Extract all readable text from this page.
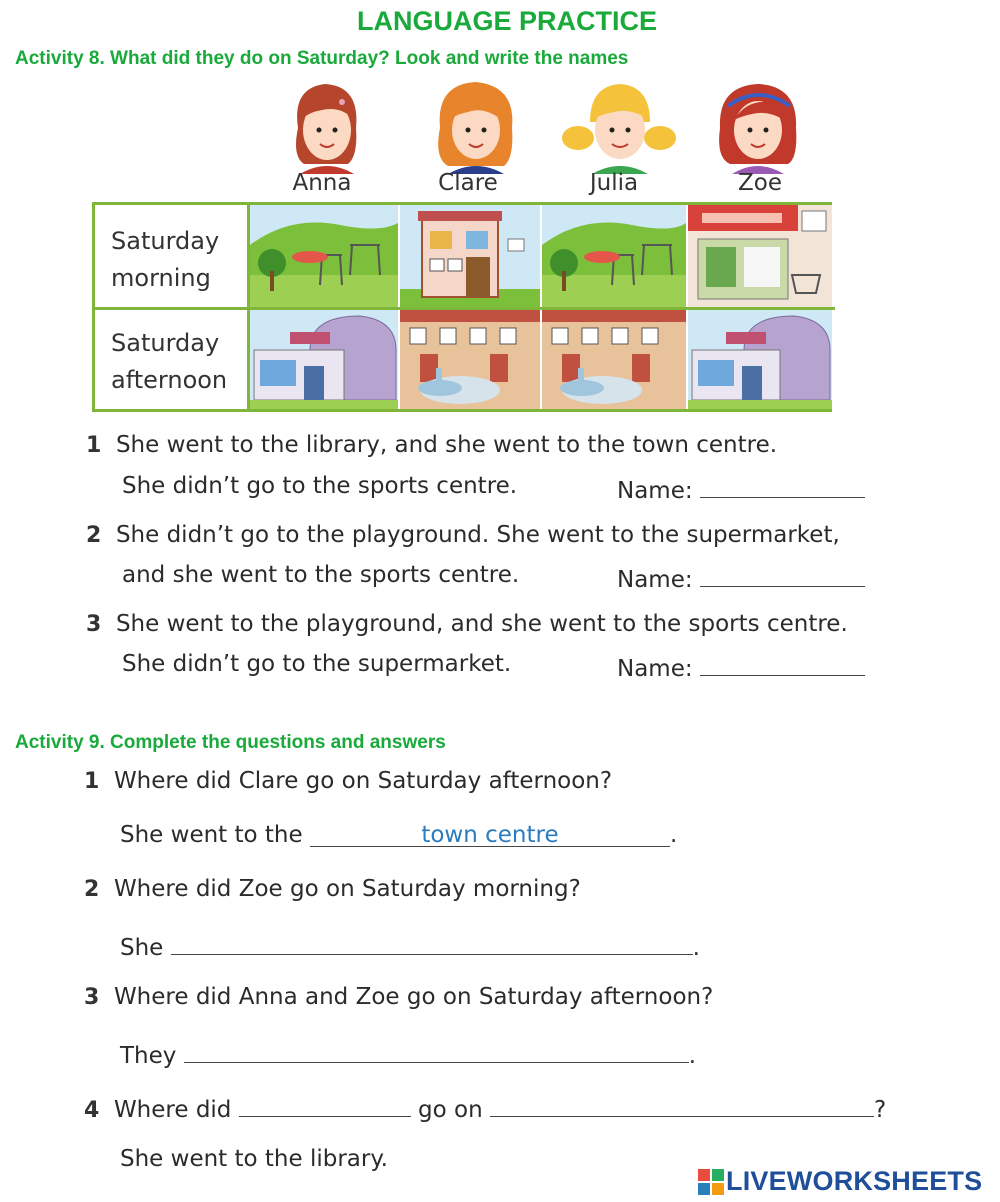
LANGUAGE PRACTICE
Activity 8. What did they do on Saturday? Look and write the names
Anna	Clare	Julia	Zoe
Saturday
morning
Saturday
afternoon
1 She went to the library, and she went to the town centre.
She didn’t go to the sports centre.	Name:
2 She didn’t go to the playground. She went to the supermarket,
and she went to the sports centre.	Name:
3 She went to the playground, and she went to the sports centre.
She didn’t go to the supermarket.	Name:
Activity 9. Complete the questions and answers
1 Where did Clare go on Saturday afternoon?
She went to the	town centre	.
2 Where did Zoe go on Saturday morning?
She	.
3 Where did Anna and Zoe go on Saturday afternoon?
They	.
4 Where did	go on	?
She went to the library.
LIVEWORKSHEETS
